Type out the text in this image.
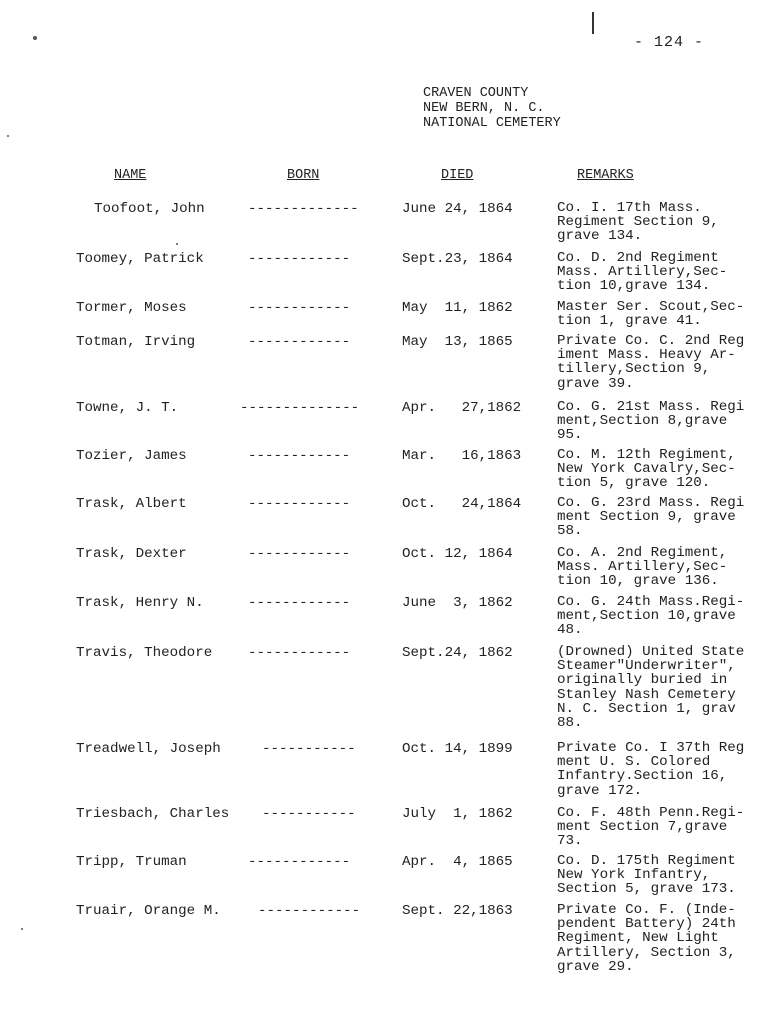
- 124 -
CRAVEN COUNTY
NEW BERN, N. C.
NATIONAL CEMETERY
NAME	BORN	DIED	REMARKS
Toofoot, John	-------------	June 24, 1864	Co. I. 17th Mass.
Regiment Section 9,
grave 134.
Toomey, Patrick	------------	Sept.23, 1864	Co. D. 2nd Regiment
Mass. Artillery,Sec-
tion 10,grave 134.
Tormer, Moses	------------	May  11, 1862	Master Ser. Scout,Sec-
tion 1, grave 41.
Totman, Irving	------------	May  13, 1865	Private Co. C. 2nd Reg
iment Mass. Heavy Ar-
tillery,Section 9,
grave 39.
Towne, J. T.	--------------	Apr.   27,1862	Co. G. 21st Mass. Regi
ment,Section 8,grave
95.
Tozier, James	------------	Mar.   16,1863	Co. M. 12th Regiment,
New York Cavalry,Sec-
tion 5, grave 120.
Trask, Albert	------------	Oct.   24,1864	Co. G. 23rd Mass. Regi
ment Section 9, grave
58.
Trask, Dexter	------------	Oct. 12, 1864	Co. A. 2nd Regiment,
Mass. Artillery,Sec-
tion 10, grave 136.
Trask, Henry N.	------------	June  3, 1862	Co. G. 24th Mass.Regi-
ment,Section 10,grave
48.
Travis, Theodore	------------	Sept.24, 1862	(Drowned) United State
Steamer"Underwriter",
originally buried in
Stanley Nash Cemetery
N. C. Section 1, grav
88.
Treadwell, Joseph	-----------	Oct. 14, 1899	Private Co. I 37th Reg
ment U. S. Colored
Infantry.Section 16,
grave 172.
Triesbach, Charles -----------	July  1, 1862	Co. F. 48th Penn.Regi-
ment Section 7,grave
73.
Tripp, Truman	------------	Apr.  4, 1865	Co. D. 175th Regiment
New York Infantry,
Section 5, grave 173.
Truair, Orange M.	------------	Sept. 22,1863	Private Co. F. (Inde-
pendent Battery) 24th
Regiment, New Light
Artillery, Section 3,
grave 29.
